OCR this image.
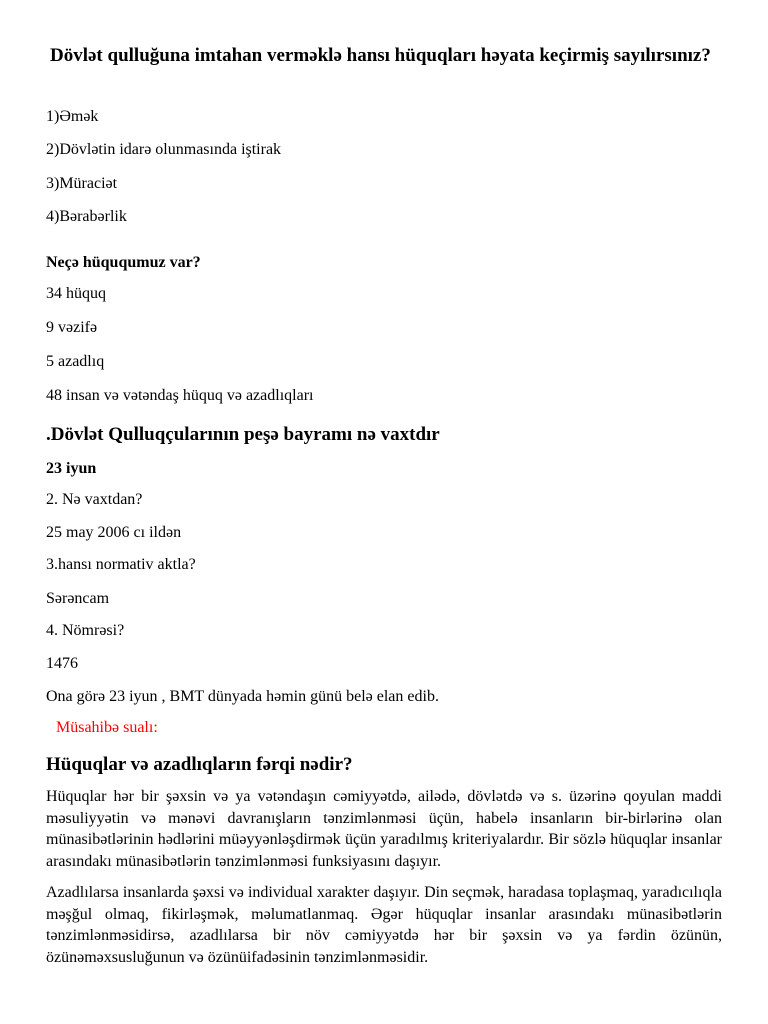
Dövlət qulluğuna imtahan verməklə hansı hüquqları həyata keçirmiş sayılırsınız?
1)Əmək
2)Dövlətin idarə olunmasında iştirak
3)Müraciət
4)Bərabərlik
Neçə hüququmuz var?
34 hüquq
9 vəzifə
5 azadlıq
48 insan və vətəndaş hüquq və azadlıqları
.Dövlət Qulluqçularının peşə bayramı nə vaxtdır
23 iyun
2. Nə vaxtdan?
25 may 2006 cı ildən
3.hansı normativ aktla?
Sərəncam
4. Nömrəsi?
1476
Ona görə 23 iyun , BMT dünyada həmin günü belə elan edib.
Müsahibə sualı:
Hüquqlar və azadlıqların fərqi nədir?
Hüquqlar hər bir şəxsin və ya vətəndaşın cəmiyyətdə, ailədə, dövlətdə və s. üzərinə qoyulan maddi məsuliyyətin və mənəvi davranışların tənzimlənməsi üçün, habelə insanların bir-birlərinə olan münasibətlərinin hədlərini müəyyənləşdirmək üçün yaradılmış kriteriyalardır. Bir sözlə hüquqlar insanlar arasındakı münasibətlərin tənzimlənməsi funksiyasını daşıyır.
Azadlılarsa insanlarda şəxsi və individual xarakter daşıyır. Din seçmək, haradasa toplaşmaq, yaradıcılıqla məşğul olmaq, fikirləşmək, məlumatlanmaq. Əgər hüquqlar insanlar arasındakı münasibətlərin tənzimlənməsidirsə, azadlılarsa bir növ cəmiyyətdə hər bir şəxsin və ya fərdin özünün, özünəməxsusluğunun və özünüifadəsinin tənzimlənməsidir.
